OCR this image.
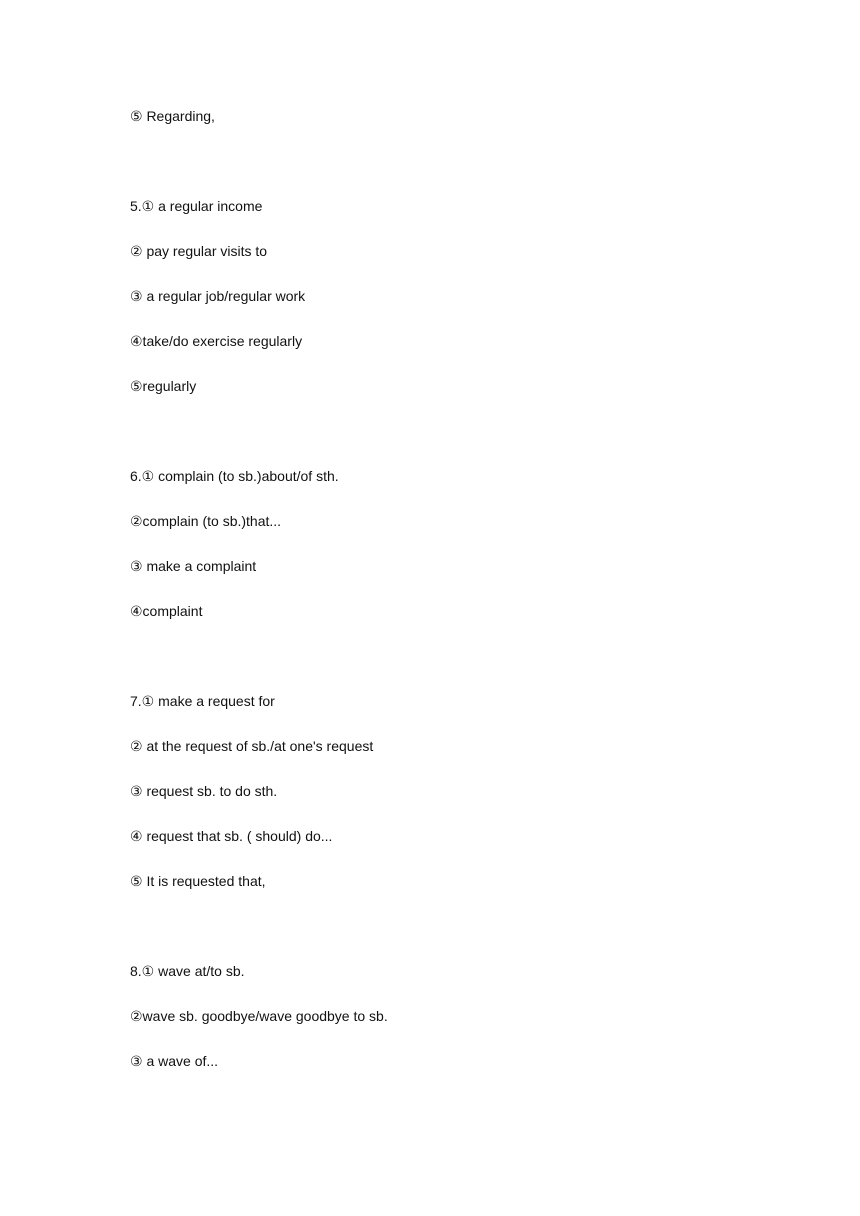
⑤ Regarding,
5.① a regular income
② pay regular visits to
③ a regular job/regular work
④take/do exercise regularly
⑤regularly
6.① complain (to sb.)about/of sth.
②complain (to sb.)that...
③ make a complaint
④complaint
7.① make a request for
② at the request of sb./at one's request
③ request sb. to do sth.
④ request that sb. ( should) do...
⑤ It is requested that,
8.① wave at/to sb.
②wave sb. goodbye/wave goodbye to sb.
③ a wave of...
